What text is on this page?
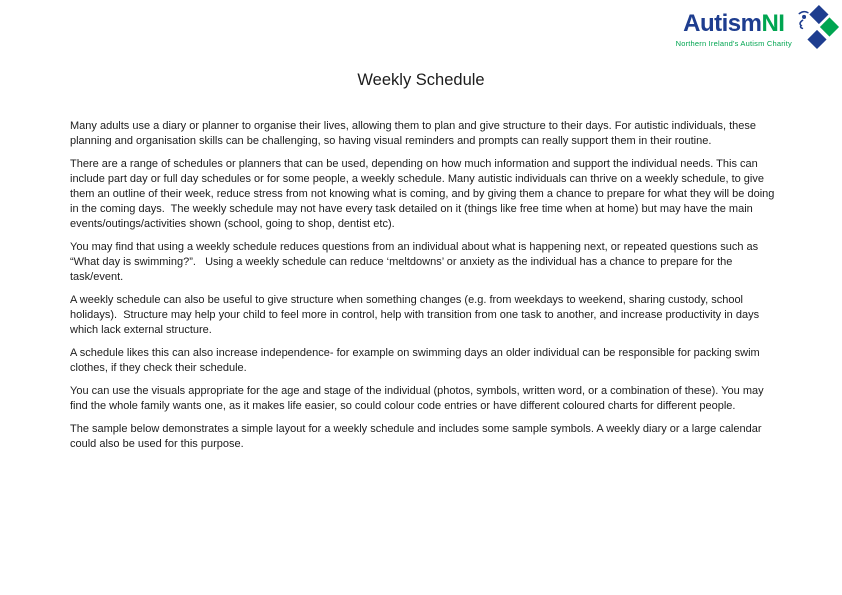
AutismNI
Northern Ireland's Autism Charity
Weekly Schedule

Many adults use a diary or planner to organise their lives, allowing them to plan and give structure to their days. For autistic individuals, these planning and organisation skills can be challenging, so having visual reminders and prompts can really support them in their routine.

There are a range of schedules or planners that can be used, depending on how much information and support the individual needs. This can include part day or full day schedules or for some people, a weekly schedule. Many autistic individuals can thrive on a weekly schedule, to give them an outline of their week, reduce stress from not knowing what is coming, and by giving them a chance to prepare for what they will be doing in the coming days.  The weekly schedule may not have every task detailed on it (things like free time when at home) but may have the main events/outings/activities shown (school, going to shop, dentist etc).

You may find that using a weekly schedule reduces questions from an individual about what is happening next, or repeated questions such as “What day is swimming?”.   Using a weekly schedule can reduce ‘meltdowns’ or anxiety as the individual has a chance to prepare for the task/event.

A weekly schedule can also be useful to give structure when something changes (e.g. from weekdays to weekend, sharing custody, school holidays).  Structure may help your child to feel more in control, help with transition from one task to another, and increase productivity in days which lack external structure.

A schedule likes this can also increase independence- for example on swimming days an older individual can be responsible for packing swim clothes, if they check their schedule.

You can use the visuals appropriate for the age and stage of the individual (photos, symbols, written word, or a combination of these). You may find the whole family wants one, as it makes life easier, so could colour code entries or have different coloured charts for different people.

The sample below demonstrates a simple layout for a weekly schedule and includes some sample symbols. A weekly diary or a large calendar could also be used for this purpose.
